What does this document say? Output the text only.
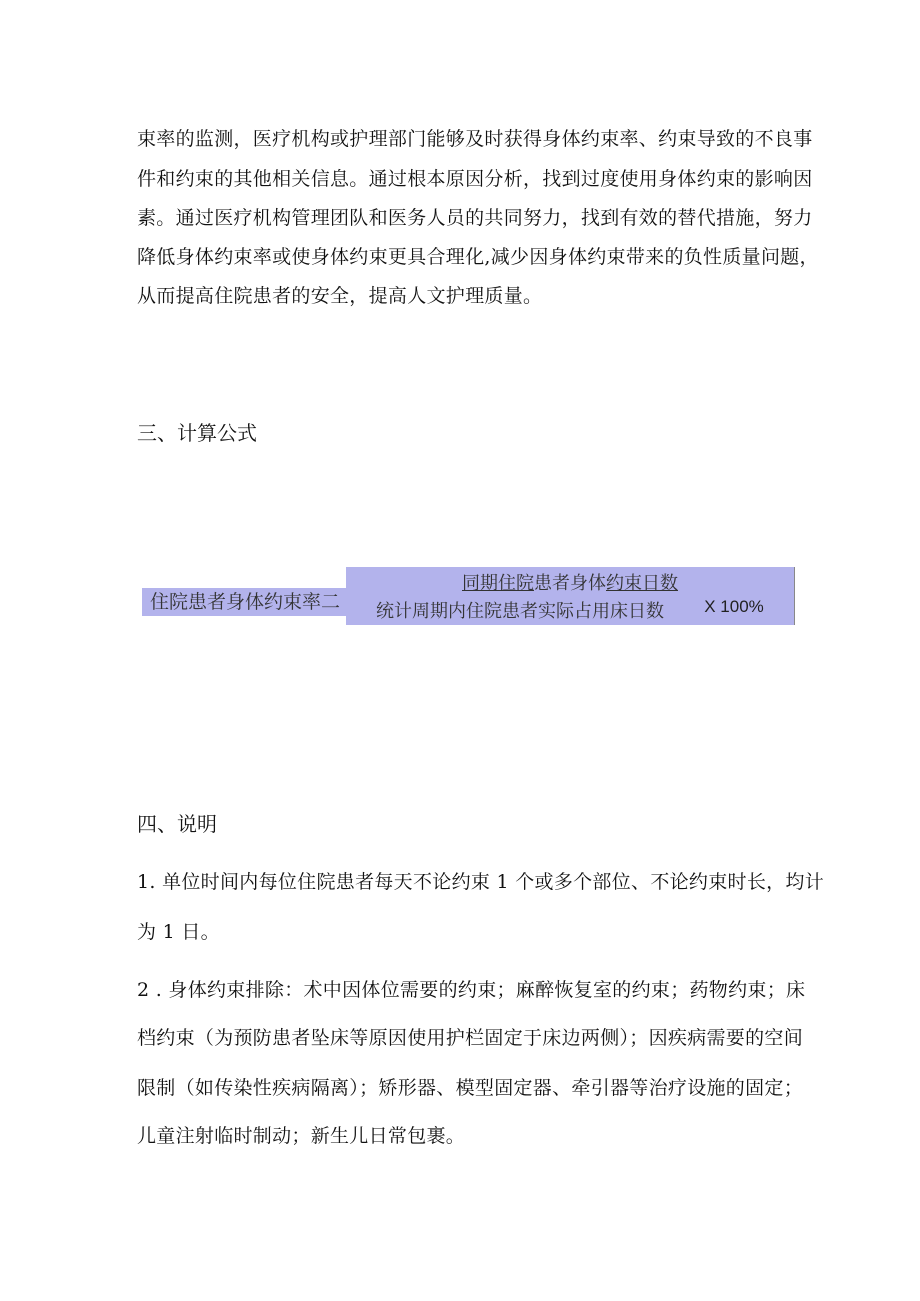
束率的监测，医疗机构或护理部门能够及时获得身体约束率、约束导致的不良事
件和约束的其他相关信息。通过根本原因分析，找到过度使用身体约束的影响因
素。通过医疗机构管理团队和医务人员的共同努力，找到有效的替代措施，努力
降低身体约束率或使身体约束更具合理化,减少因身体约束带来的负性质量问题，
从而提高住院患者的安全，提高人文护理质量。
三、计算公式
住院患者身体约束率二
同期住院患者身体约束日数
统计周期内住院患者实际占用床日数	X 100%
四、说明
1. 单位时间内每位住院患者每天不论约束 1 个或多个部位、不论约束时长，均计
为 1 日。
2 . 身体约束排除：术中因体位需要的约束；麻醉恢复室的约束；药物约束；床
档约束（为预防患者坠床等原因使用护栏固定于床边两侧）；因疾病需要的空间
限制（如传染性疾病隔离）；矫形器、模型固定器、牵引器等治疗设施的固定；
儿童注射临时制动；新生儿日常包裹。
